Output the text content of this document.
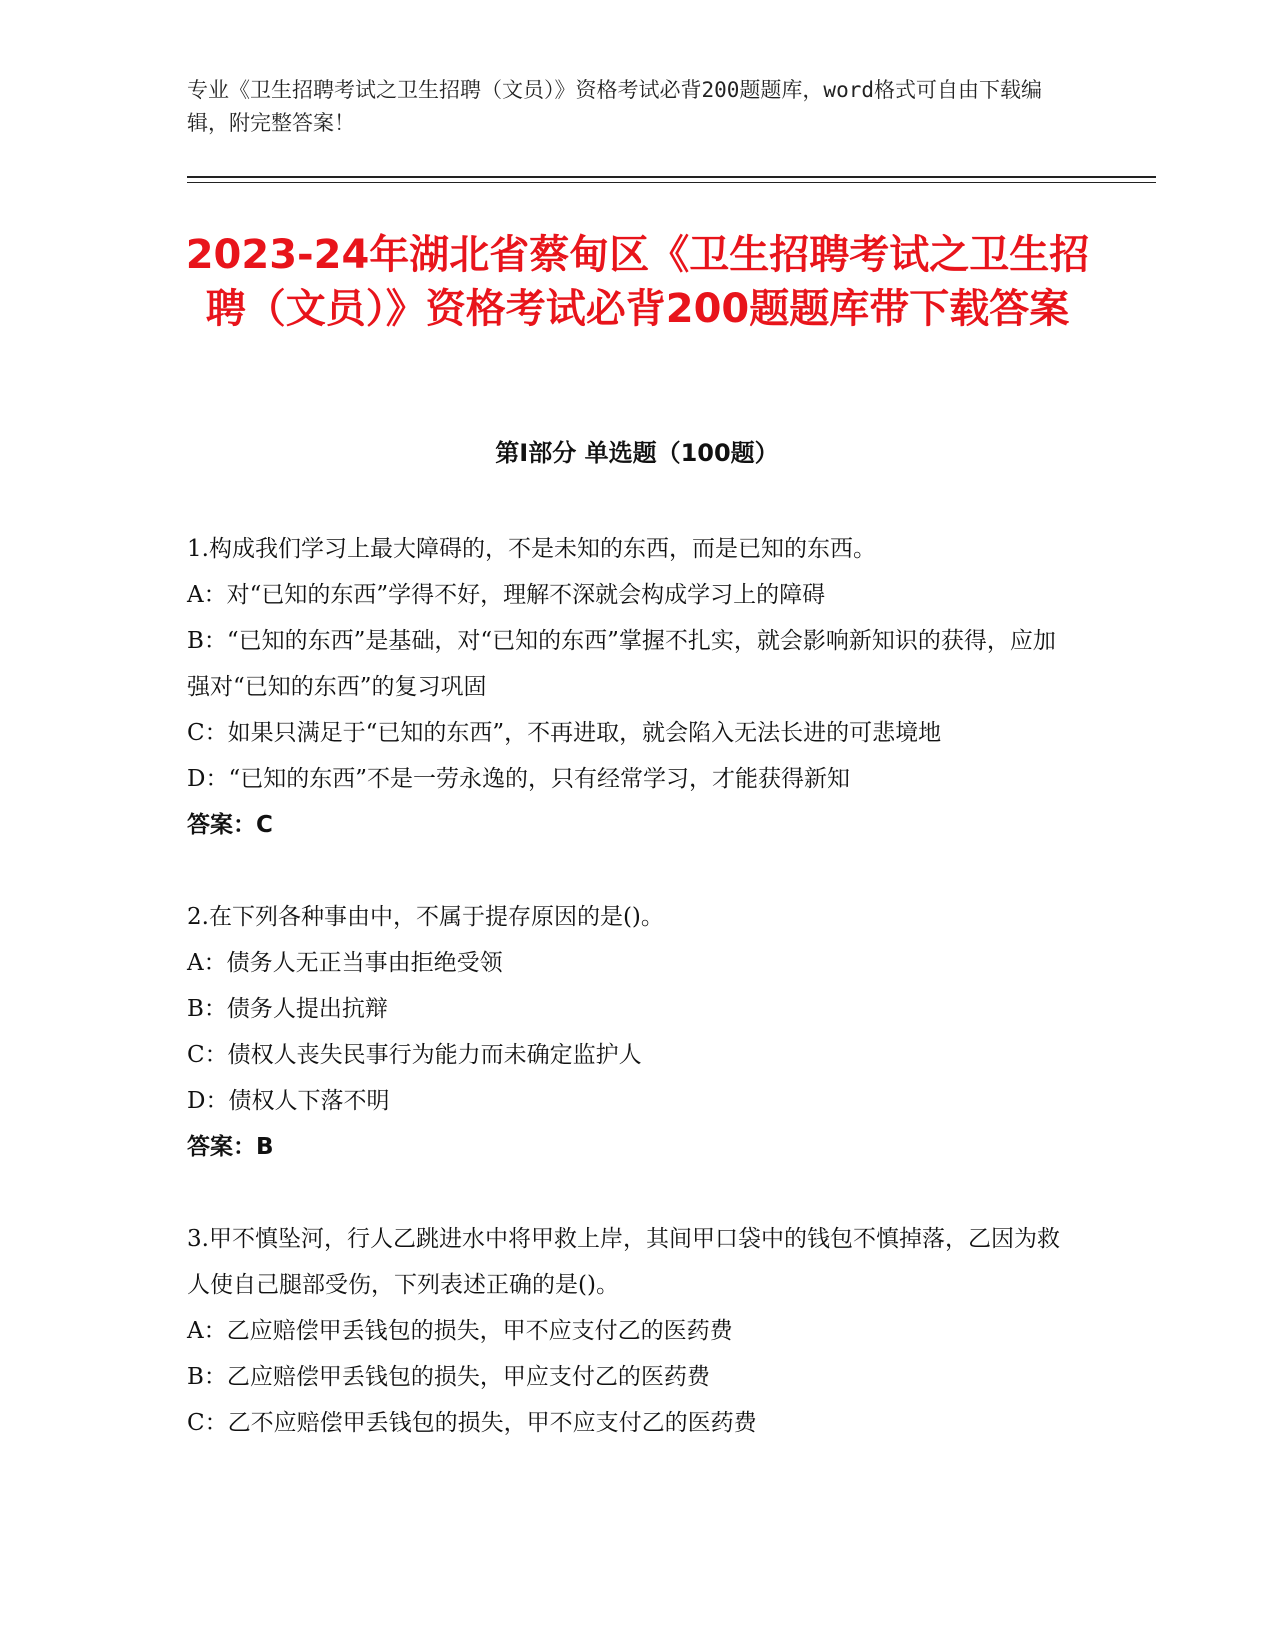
专业《卫生招聘考试之卫生招聘（文员）》资格考试必背200题题库，word格式可自由下载编辑，附完整答案！
2023-24年湖北省蔡甸区《卫生招聘考试之卫生招聘（文员）》资格考试必背200题题库带下载答案
第Ⅰ部分 单选题（100题）
1.构成我们学习上最大障碍的，不是未知的东西，而是已知的东西。
A：对“已知的东西”学得不好，理解不深就会构成学习上的障碍
B：“已知的东西”是基础，对“已知的东西”掌握不扎实，就会影响新知识的获得，应加强对“已知的东西”的复习巩固
C：如果只满足于“已知的东西”，不再进取，就会陷入无法长进的可悲境地
D：“已知的东西”不是一劳永逸的，只有经常学习，才能获得新知
答案：C
2.在下列各种事由中，不属于提存原因的是()。
A：债务人无正当事由拒绝受领
B：债务人提出抗辩
C：债权人丧失民事行为能力而未确定监护人
D：债权人下落不明
答案：B
3.甲不慎坠河，行人乙跳进水中将甲救上岸，其间甲口袋中的钱包不慎掉落，乙因为救人使自己腿部受伤，下列表述正确的是()。
A：乙应赔偿甲丢钱包的损失，甲不应支付乙的医药费
B：乙应赔偿甲丢钱包的损失，甲应支付乙的医药费
C：乙不应赔偿甲丢钱包的损失，甲不应支付乙的医药费
